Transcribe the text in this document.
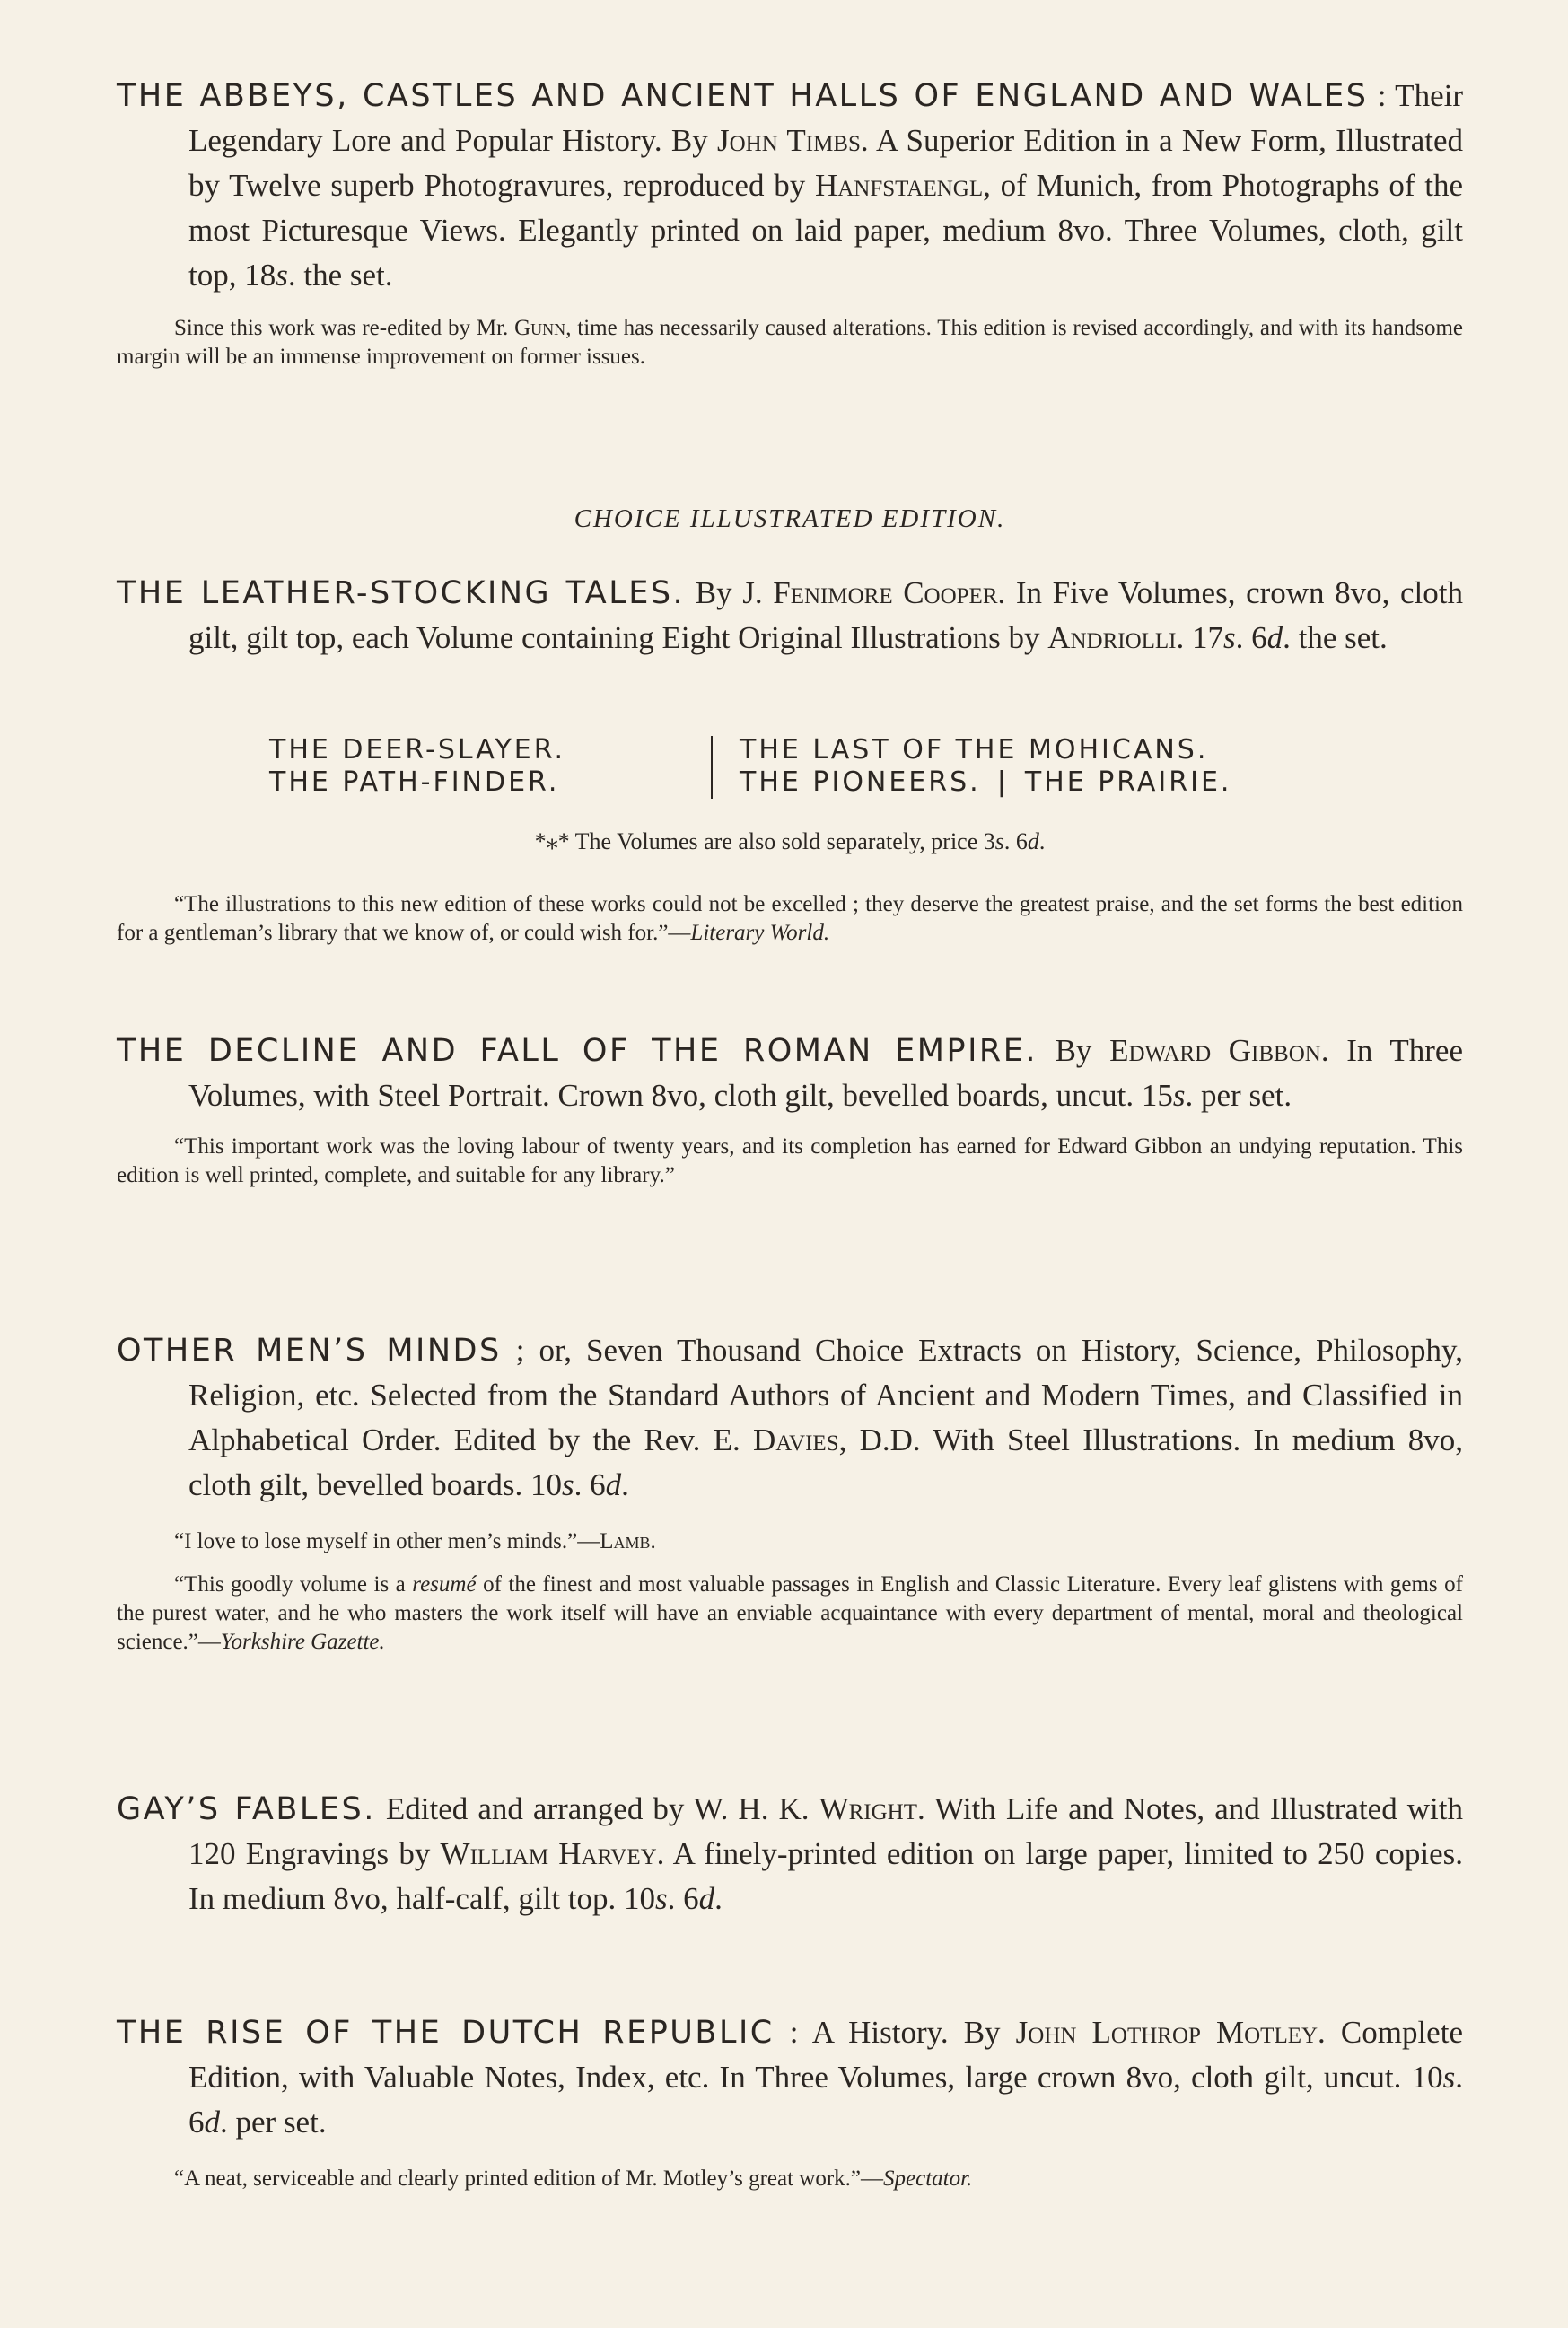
THE ABBEYS, CASTLES AND ANCIENT HALLS OF ENGLAND AND WALES : Their Legendary Lore and Popular History. By John Timbs. A Superior Edition in a New Form, Illustrated by Twelve superb Photogravures, reproduced by Hanfstaengl, of Munich, from Photographs of the most Picturesque Views. Elegantly printed on laid paper, medium 8vo. Three Volumes, cloth, gilt top, 18s. the set.

Since this work was re-edited by Mr. Gunn, time has necessarily caused alterations. This edition is revised accordingly, and with its handsome margin will be an immense improvement on former issues.

CHOICE ILLUSTRATED EDITION.

THE LEATHER-STOCKING TALES. By J. Fenimore Cooper. In Five Volumes, crown 8vo, cloth gilt, gilt top, each Volume containing Eight Original Illustrations by Andriolli. 17s. 6d. the set.

THE DEER-SLAYER.
THE PATH-FINDER.
THE LAST OF THE MOHICANS.
THE PIONEERS. | THE PRAIRIE.
*⁎* The Volumes are also sold separately, price 3s. 6d.

“The illustrations to this new edition of these works could not be excelled ; they deserve the greatest praise, and the set forms the best edition for a gentleman’s library that we know of, or could wish for.”—Literary World.

THE DECLINE AND FALL OF THE ROMAN EMPIRE. By Edward Gibbon. In Three Volumes, with Steel Portrait. Crown 8vo, cloth gilt, bevelled boards, uncut. 15s. per set.

“This important work was the loving labour of twenty years, and its completion has earned for Edward Gibbon an undying reputation. This edition is well printed, complete, and suitable for any library.”

OTHER MEN’S MINDS ; or, Seven Thousand Choice Extracts on History, Science, Philosophy, Religion, etc. Selected from the Standard Authors of Ancient and Modern Times, and Classified in Alphabetical Order. Edited by the Rev. E. Davies, D.D. With Steel Illustrations. In medium 8vo, cloth gilt, bevelled boards. 10s. 6d.

“I love to lose myself in other men’s minds.”—Lamb.

“This goodly volume is a resumé of the finest and most valuable passages in English and Classic Literature. Every leaf glistens with gems of the purest water, and he who masters the work itself will have an enviable acquaintance with every department of mental, moral and theological science.”—Yorkshire Gazette.

GAY’S FABLES. Edited and arranged by W. H. K. Wright. With Life and Notes, and Illustrated with 120 Engravings by William Harvey. A finely-printed edition on large paper, limited to 250 copies. In medium 8vo, half-calf, gilt top. 10s. 6d.

THE RISE OF THE DUTCH REPUBLIC : A History. By John Lothrop Motley. Complete Edition, with Valuable Notes, Index, etc. In Three Volumes, large crown 8vo, cloth gilt, uncut. 10s. 6d. per set.

“A neat, serviceable and clearly printed edition of Mr. Motley’s great work.”—Spectator.
